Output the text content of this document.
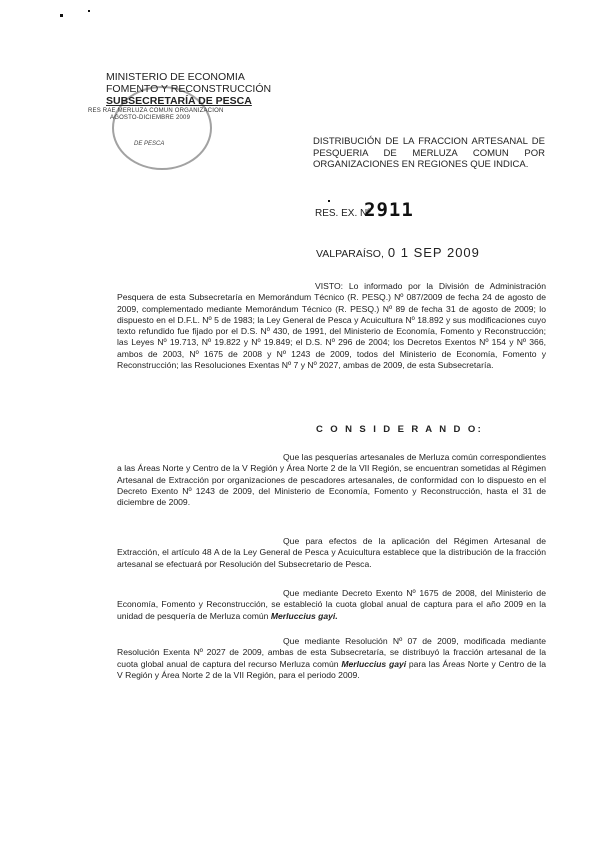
DE PESCA
MINISTERIO DE ECONOMIA
FOMENTO Y RECONSTRUCCIÓN
SUBSECRETARÍA DE PESCA
RES RAE MERLUZA COMUN ORGANIZACION
AGOSTO-DICIEMBRE 2009
DISTRIBUCIÓN DE LA FRACCION ARTESANAL DE PESQUERIA DE MERLUZA COMUN POR ORGANIZACIONES EN REGIONES QUE INDICA.
RES. EX. Nº
2911
VALPARAÍSO, 0 1 SEP 2009
VISTO: Lo informado por la División de Administración Pesquera de esta Subsecretaría en Memorándum Técnico (R. PESQ.) Nº 087/2009 de fecha 24 de agosto de 2009, complementado mediante Memorándum Técnico (R. PESQ.) Nº 89 de fecha 31 de agosto de 2009; lo dispuesto en el D.F.L. Nº 5 de 1983; la Ley General de Pesca y Acuicultura Nº 18.892 y sus modificaciones cuyo texto refundido fue fijado por el D.S. Nº 430, de 1991, del Ministerio de Economía, Fomento y Reconstrucción; las Leyes Nº 19.713, Nº 19.822 y Nº 19.849; el D.S. Nº 296 de 2004; los Decretos Exentos Nº 154 y Nº 366, ambos de 2003, Nº 1675 de 2008 y Nº 1243 de 2009, todos del Ministerio de Economía, Fomento y Reconstrucción; las Resoluciones Exentas Nº 7 y Nº 2027, ambas de 2009, de esta Subsecretaría.
C O N S I D E R A N D O:
Que las pesquerías artesanales de Merluza común correspondientes a las Áreas Norte y Centro de la V Región y Área Norte 2 de la VII Región, se encuentran sometidas al Régimen Artesanal de Extracción por organizaciones de pescadores artesanales, de conformidad con lo dispuesto en el Decreto Exento Nº 1243 de 2009, del Ministerio de Economía, Fomento y Reconstrucción, hasta el 31 de diciembre de 2009.
Que para efectos de la aplicación del Régimen Artesanal de Extracción, el artículo 48 A de la Ley General de Pesca y Acuicultura establece que la distribución de la fracción artesanal se efectuará por Resolución del Subsecretario de Pesca.
Que mediante Decreto Exento Nº 1675 de 2008, del Ministerio de Economía, Fomento y Reconstrucción, se estableció la cuota global anual de captura para el año 2009 en la unidad de pesquería de Merluza común Merluccius gayi.
Que mediante Resolución Nº 07 de 2009, modificada mediante Resolución Exenta Nº 2027 de 2009, ambas de esta Subsecretaría, se distribuyó la fracción artesanal de la cuota global anual de captura del recurso Merluza común Merluccius gayi para las Áreas Norte y Centro de la V Región y Área Norte 2 de la VII Región, para el periodo 2009.
